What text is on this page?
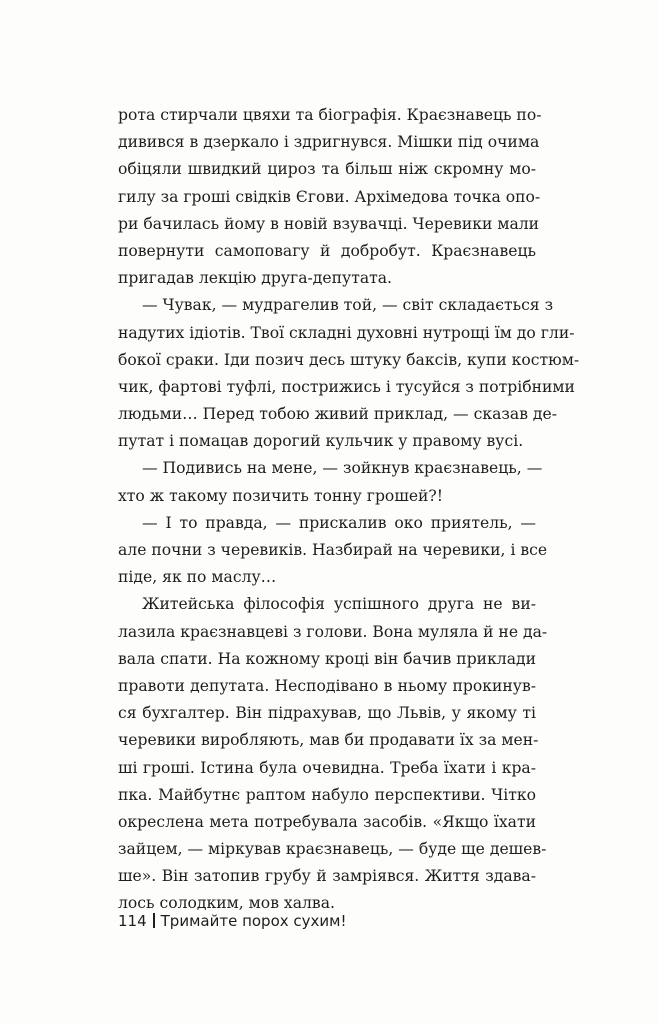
рота стирчали цвяхи та біографія. Краєзнавець по-
дивився в дзеркало і здригнувся. Мішки під очима
обіцяли швидкий цироз та більш ніж скромну мо-
гилу за гроші свідків Єгови. Архімедова точка опо-
ри бачилась йому в новій взувачці. Черевики мали
повернути самоповагу й добробут. Краєзнавець
пригадав лекцію друга-депутата.
— Чувак, — мудрагелив той, — світ складається з
надутих ідіотів. Твої складні духовні нутрощі їм до гли-
бокої сраки. Іди позич десь штуку баксів, купи костюм-
чик, фартові туфлі, пострижись і тусуйся з потрібними
людьми… Перед тобою живий приклад, — сказав де-
путат і помацав дорогий кульчик у правому вусі.
— Подивись на мене, — зойкнув краєзнавець, —
хто ж такому позичить тонну грошей?!
— І то правда, — прискалив око приятель, —
але почни з черевиків. Назбирай на черевики, і все
піде, як по маслу…
Житейська філософія успішного друга не ви-
лазила краєзнавцеві з голови. Вона муляла й не да-
вала спати. На кожному кроці він бачив приклади
правоти депутата. Несподівано в ньому прокинув-
ся бухгалтер. Він підрахував, що Львів, у якому ті
черевики виробляють, мав би продавати їх за мен-
ші гроші. Істина була очевидна. Треба їхати і кра-
пка. Майбутнє раптом набуло перспективи. Чітко
окреслена мета потребувала засобів. «Якщо їхати
зайцем, — міркував краєзнавець, — буде ще дешев-
ше». Він затопив грубу й замріявся. Життя здава-
лось солодким, мов халва.
114 Тримайте порох сухим!
